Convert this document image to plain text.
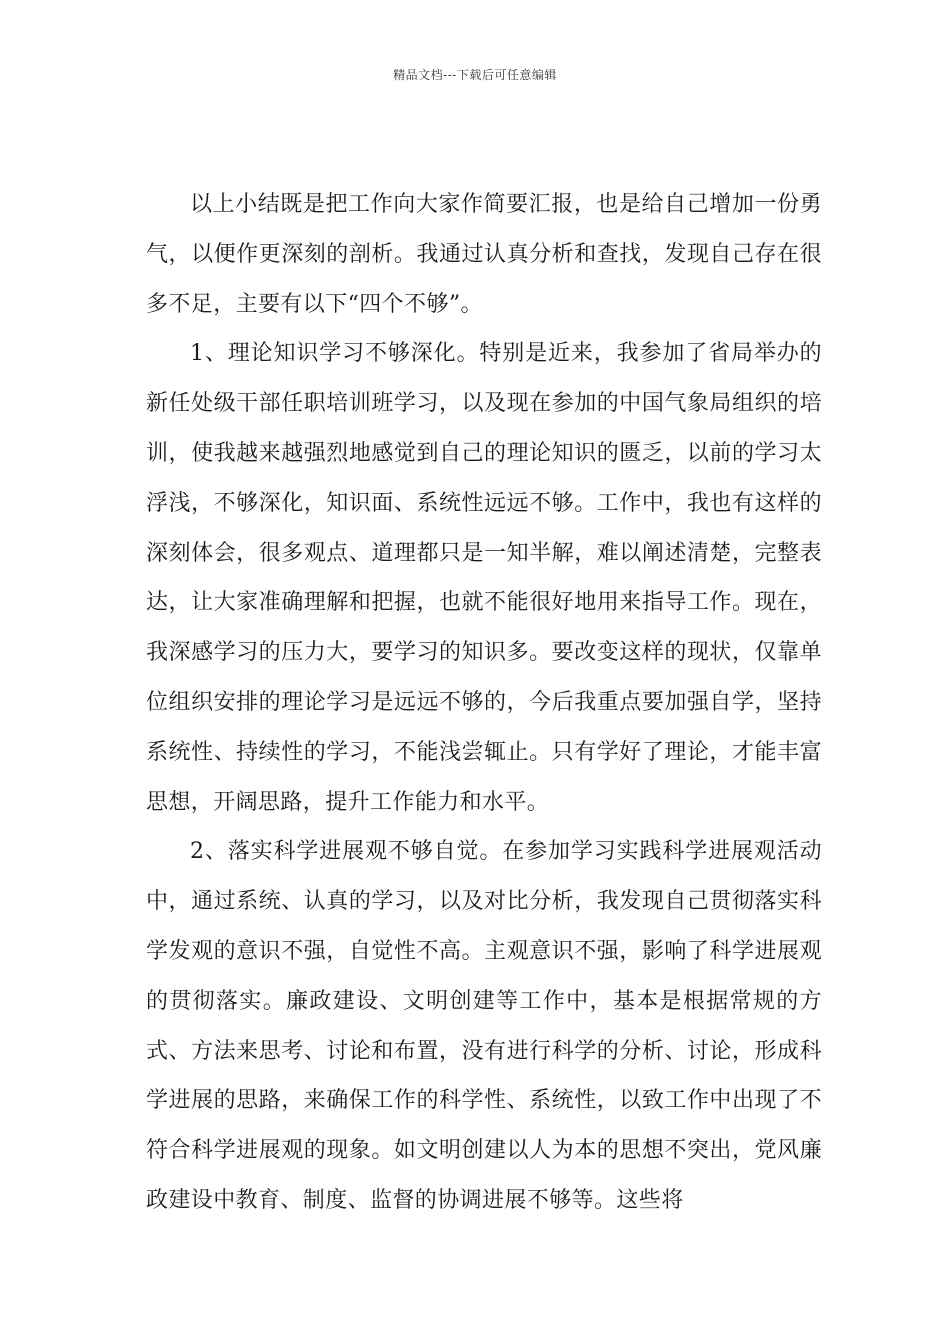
精品文档---下载后可任意编辑

以上小结既是把工作向大家作简要汇报，也是给自己增加一份勇气，以便作更深刻的剖析。我通过认真分析和查找，发现自己存在很多不足，主要有以下“四个不够”。

1、理论知识学习不够深化。特别是近来，我参加了省局举办的新任处级干部任职培训班学习，以及现在参加的中国气象局组织的培训，使我越来越强烈地感觉到自己的理论知识的匮乏，以前的学习太浮浅，不够深化，知识面、系统性远远不够。工作中，我也有这样的深刻体会，很多观点、道理都只是一知半解，难以阐述清楚，完整表达，让大家准确理解和把握，也就不能很好地用来指导工作。现在，我深感学习的压力大，要学习的知识多。要改变这样的现状，仅靠单位组织安排的理论学习是远远不够的，今后我重点要加强自学，坚持系统性、持续性的学习，不能浅尝辄止。只有学好了理论，才能丰富思想，开阔思路，提升工作能力和水平。

2、落实科学进展观不够自觉。在参加学习实践科学进展观活动中，通过系统、认真的学习，以及对比分析，我发现自己贯彻落实科学发观的意识不强，自觉性不高。主观意识不强，影响了科学进展观的贯彻落实。廉政建设、文明创建等工作中，基本是根据常规的方式、方法来思考、讨论和布置，没有进行科学的分析、讨论，形成科学进展的思路，来确保工作的科学性、系统性，以致工作中出现了不符合科学进展观的现象。如文明创建以人为本的思想不突出，党风廉政建设中教育、制度、监督的协调进展不够等。这些将
